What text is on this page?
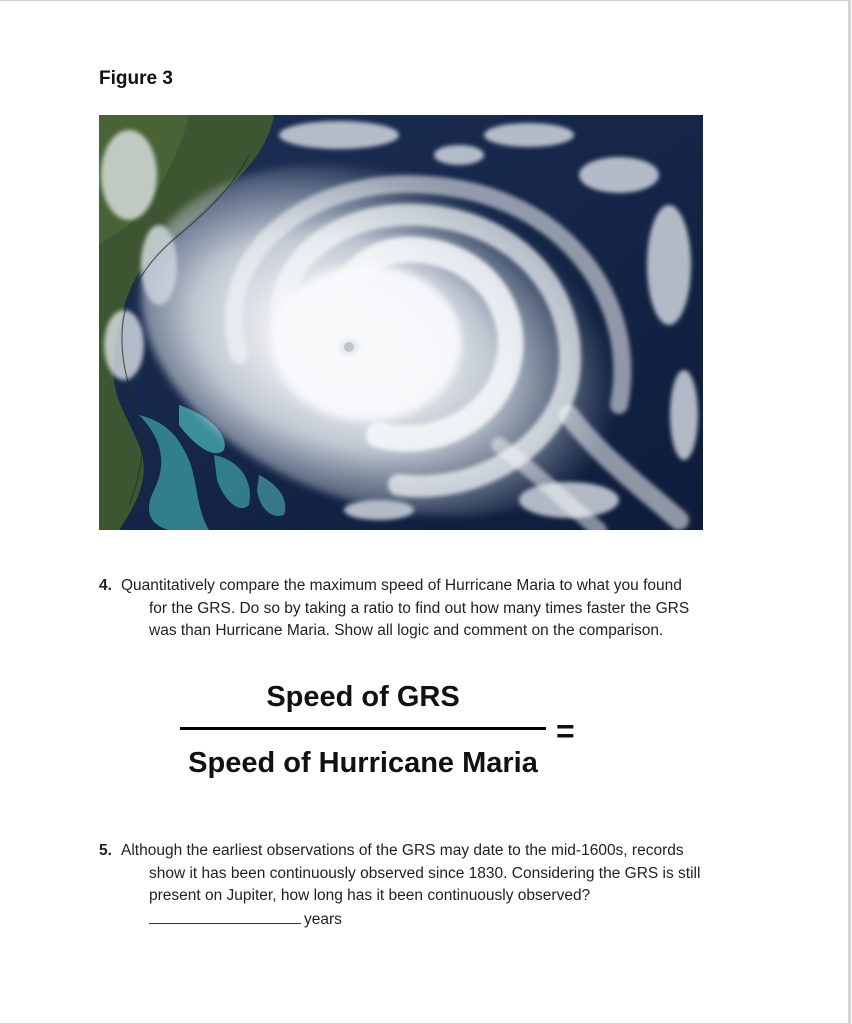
Figure 3
4. Quantitatively compare the maximum speed of Hurricane Maria to what you found
for the GRS. Do so by taking a ratio to find out how many times faster the GRS
was than Hurricane Maria. Show all logic and comment on the comparison.
Speed of GRS
Speed of Hurricane Maria
=
5. Although the earliest observations of the GRS may date to the mid-1600s, records
show it has been continuously observed since 1830. Considering the GRS is still
present on Jupiter, how long has it been continuously observed?
years
